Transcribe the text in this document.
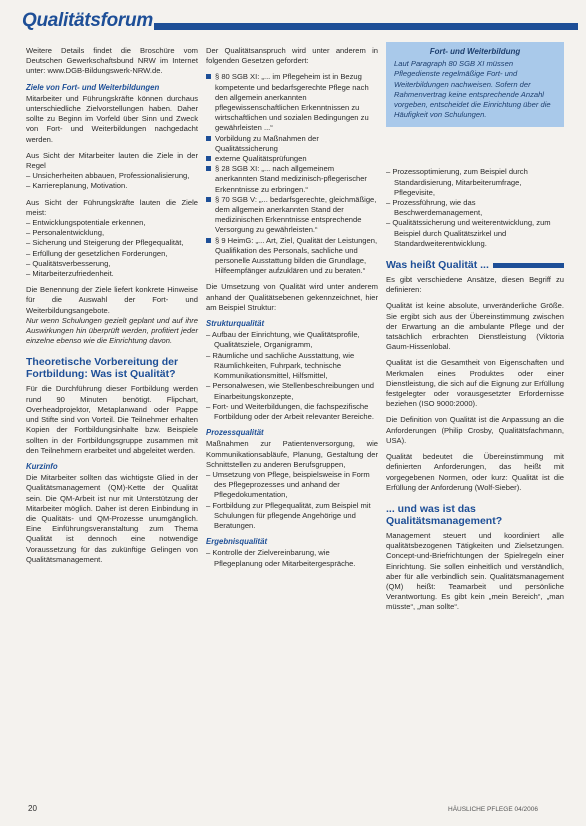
Qualitätsforum

Weitere Details findet die Broschüre vom Deutschen Gewerkschaftsbund NRW im Internet unter: www.DGB-Bildungswerk-NRW.de.

Ziele von Fort- und Weiterbildungen

Mitarbeiter und Führungskräfte können durchaus unterschiedliche Zielvorstellungen haben. Daher sollte zu Beginn im Vorfeld über Sinn und Zweck von Fort- und Weiterbildungen nachgedacht werden.

Aus Sicht der Mitarbeiter lauten die Ziele in der Regel

– Unsicherheiten abbauen, Professionalisierung,
– Karriereplanung, Motivation.

Aus Sicht der Führungskräfte lauten die Ziele meist:

– Entwicklungspotentiale erkennen,
– Personalentwicklung,
– Sicherung und Steigerung der Pflegequalität,
– Erfüllung der gesetzlichen Forderungen,
– Qualitätsverbesserung,
– Mitarbeiterzufriedenheit.

Die Benennung der Ziele liefert konkrete Hinweise für die Auswahl der Fort- und Weiterbildungsangebote.

Nur wenn Schulungen gezielt geplant und auf ihre Auswirkungen hin überprüft werden, profitiert jeder einzelne ebenso wie die Einrichtung davon.

Theoretische Vorbereitung der Fortbildung: Was ist Qualität?

Für die Durchführung dieser Fortbildung werden rund 90 Minuten benötigt. Flipchart, Overheadprojektor, Metaplanwand oder Pappe und Stifte sind von Vorteil. Die Teilnehmer erhalten Kopien der Fortbildungsinhalte bzw. Beispiele sollten in der Fortbildungsgruppe zusammen mit den Teilnehmern erarbeitet und abgeleitet werden.

Kurzinfo

Die Mitarbeiter sollten das wichtigste Glied in der Qualitätsmanagement (QM)-Kette der Qualität sein. Die QM-Arbeit ist nur mit Unterstützung der Mitarbeiter möglich. Daher ist deren Einbindung in die Qualitäts- und QM-Prozesse unumgänglich. Eine Einführungsveranstaltung zum Thema Qualität ist dennoch eine notwendige Voraussetzung für das zukünftige Gelingen von Qualitätsmanagement.

Der Qualitätsanspruch wird unter anderem in folgenden Gesetzen gefordert:

§ 80 SGB XI: „... im Pflegeheim ist in Bezug kompetente und bedarfsgerechte Pflege nach den allgemein anerkannten pflegewissenschaftlichen Erkenntnissen zu wirtschaftlichen und sozialen Bedingungen zu gewährleisten ...“
Vorbildung zu Maßnahmen der Qualitätssicherung
externe Qualitätsprüfungen
§ 28 SGB XI: „... nach allgemeinem anerkannten Stand medizinisch-pflegerischer Erkenntnisse zu erbringen.“
§ 70 SGB V: „... bedarfsgerechte, gleichmäßige, dem allgemein anerkannten Stand der medizinischen Erkenntnisse entsprechende Versorgung zu gewährleisten.“
§ 9 HeimG: „... Art, Ziel, Qualität der Leistungen, Qualifikation des Personals, sachliche und personelle Ausstattung bilden die Grundlage, Hilfeempfänger aufzuklären und zu beraten.“

Die Umsetzung von Qualität wird unter anderem anhand der Qualitätsebenen gekennzeichnet, hier am Beispiel Struktur:

Strukturqualität
– Aufbau der Einrichtung, wie Qualitätsprofile, Qualitätsziele, Organigramm,
– Räumliche und sachliche Ausstattung, wie Räumlichkeiten, Fuhrpark, technische Kommunikationsmittel, Hilfsmittel,
– Personalwesen, wie Stellenbeschreibungen und Einarbeitungskonzepte,
– Fort- und Weiterbildungen, die fachspezifische Fortbildung oder der Arbeit relevanter Bereiche.
Prozessqualität

Maßnahmen zur Patientenversorgung, wie Kommunikationsabläufe, Planung, Gestaltung der Schnittstellen zu anderen Berufsgruppen,

– Umsetzung von Pflege, beispielsweise in Form des Pflegeprozesses und anhand der Pflegedokumentation,
– Fortbildung zur Pflegequalität, zum Beispiel mit Schulungen für pflegende Angehörige und Beratungen.
Ergebnisqualität
– Kontrolle der Zielvereinbarung, wie Pflegeplanung oder Mitarbeitergespräche.
Fort- und Weiterbildung
Laut Paragraph 80 SGB XI müssen Pflegedienste regelmäßige Fort- und Weiterbildungen nachweisen. Sofern der Rahmenvertrag keine entsprechende Anzahl vorgeben, entscheidet die Einrichtung über die Häufigkeit von Schulungen.
– Prozessoptimierung, zum Beispiel durch Standardisierung, Mitarbeiterumfrage, Pflegevisite,
– Prozessführung, wie das Beschwerdemanagement,
– Qualitätssicherung und weiterentwicklung, zum Beispiel durch Qualitätszirkel und Standardweiterentwicklung.
Was heißt Qualität ...

Es gibt verschiedene Ansätze, diesen Begriff zu definieren:

Qualität ist keine absolute, unveränderliche Größe. Sie ergibt sich aus der Übereinstimmung zwischen der Erwartung an die ambulante Pflege und der tatsächlich erbrachten Dienstleistung (Viktoria Gaum-Hissenlobal.

Qualität ist die Gesamtheit von Eigenschaften und Merkmalen eines Produktes oder einer Dienstleistung, die sich auf die Eignung zur Erfüllung festgelegter oder vorausgesetzter Erfordernisse beziehen (ISO 9000:2000).

Die Definition von Qualität ist die Anpassung an die Anforderungen (Philip Crosby, Qualitätsfachmann, USA).

Qualität bedeutet die Übereinstimmung mit definierten Anforderungen, das heißt mit vorgegebenen Normen, oder kurz: Qualität ist die Erfüllung der Anforderung (Wolf-Sieber).

... und was ist das Qualitätsmanagement?

Management steuert und koordiniert alle qualitätsbezogenen Tätigkeiten und Zielsetzungen. Concept-und-Briefrichtungen der Spielregeln einer Einrichtung. Sie sollen einheitlich und verständlich, aber für alle verbindlich sein. Qualitätsmanagement (QM) heißt: Teamarbeit und persönliche Verantwortung. Es gibt kein „mein Bereich“, „man müsste“, „man sollte“.

20	HÄUSLICHE PFLEGE 04/2006
